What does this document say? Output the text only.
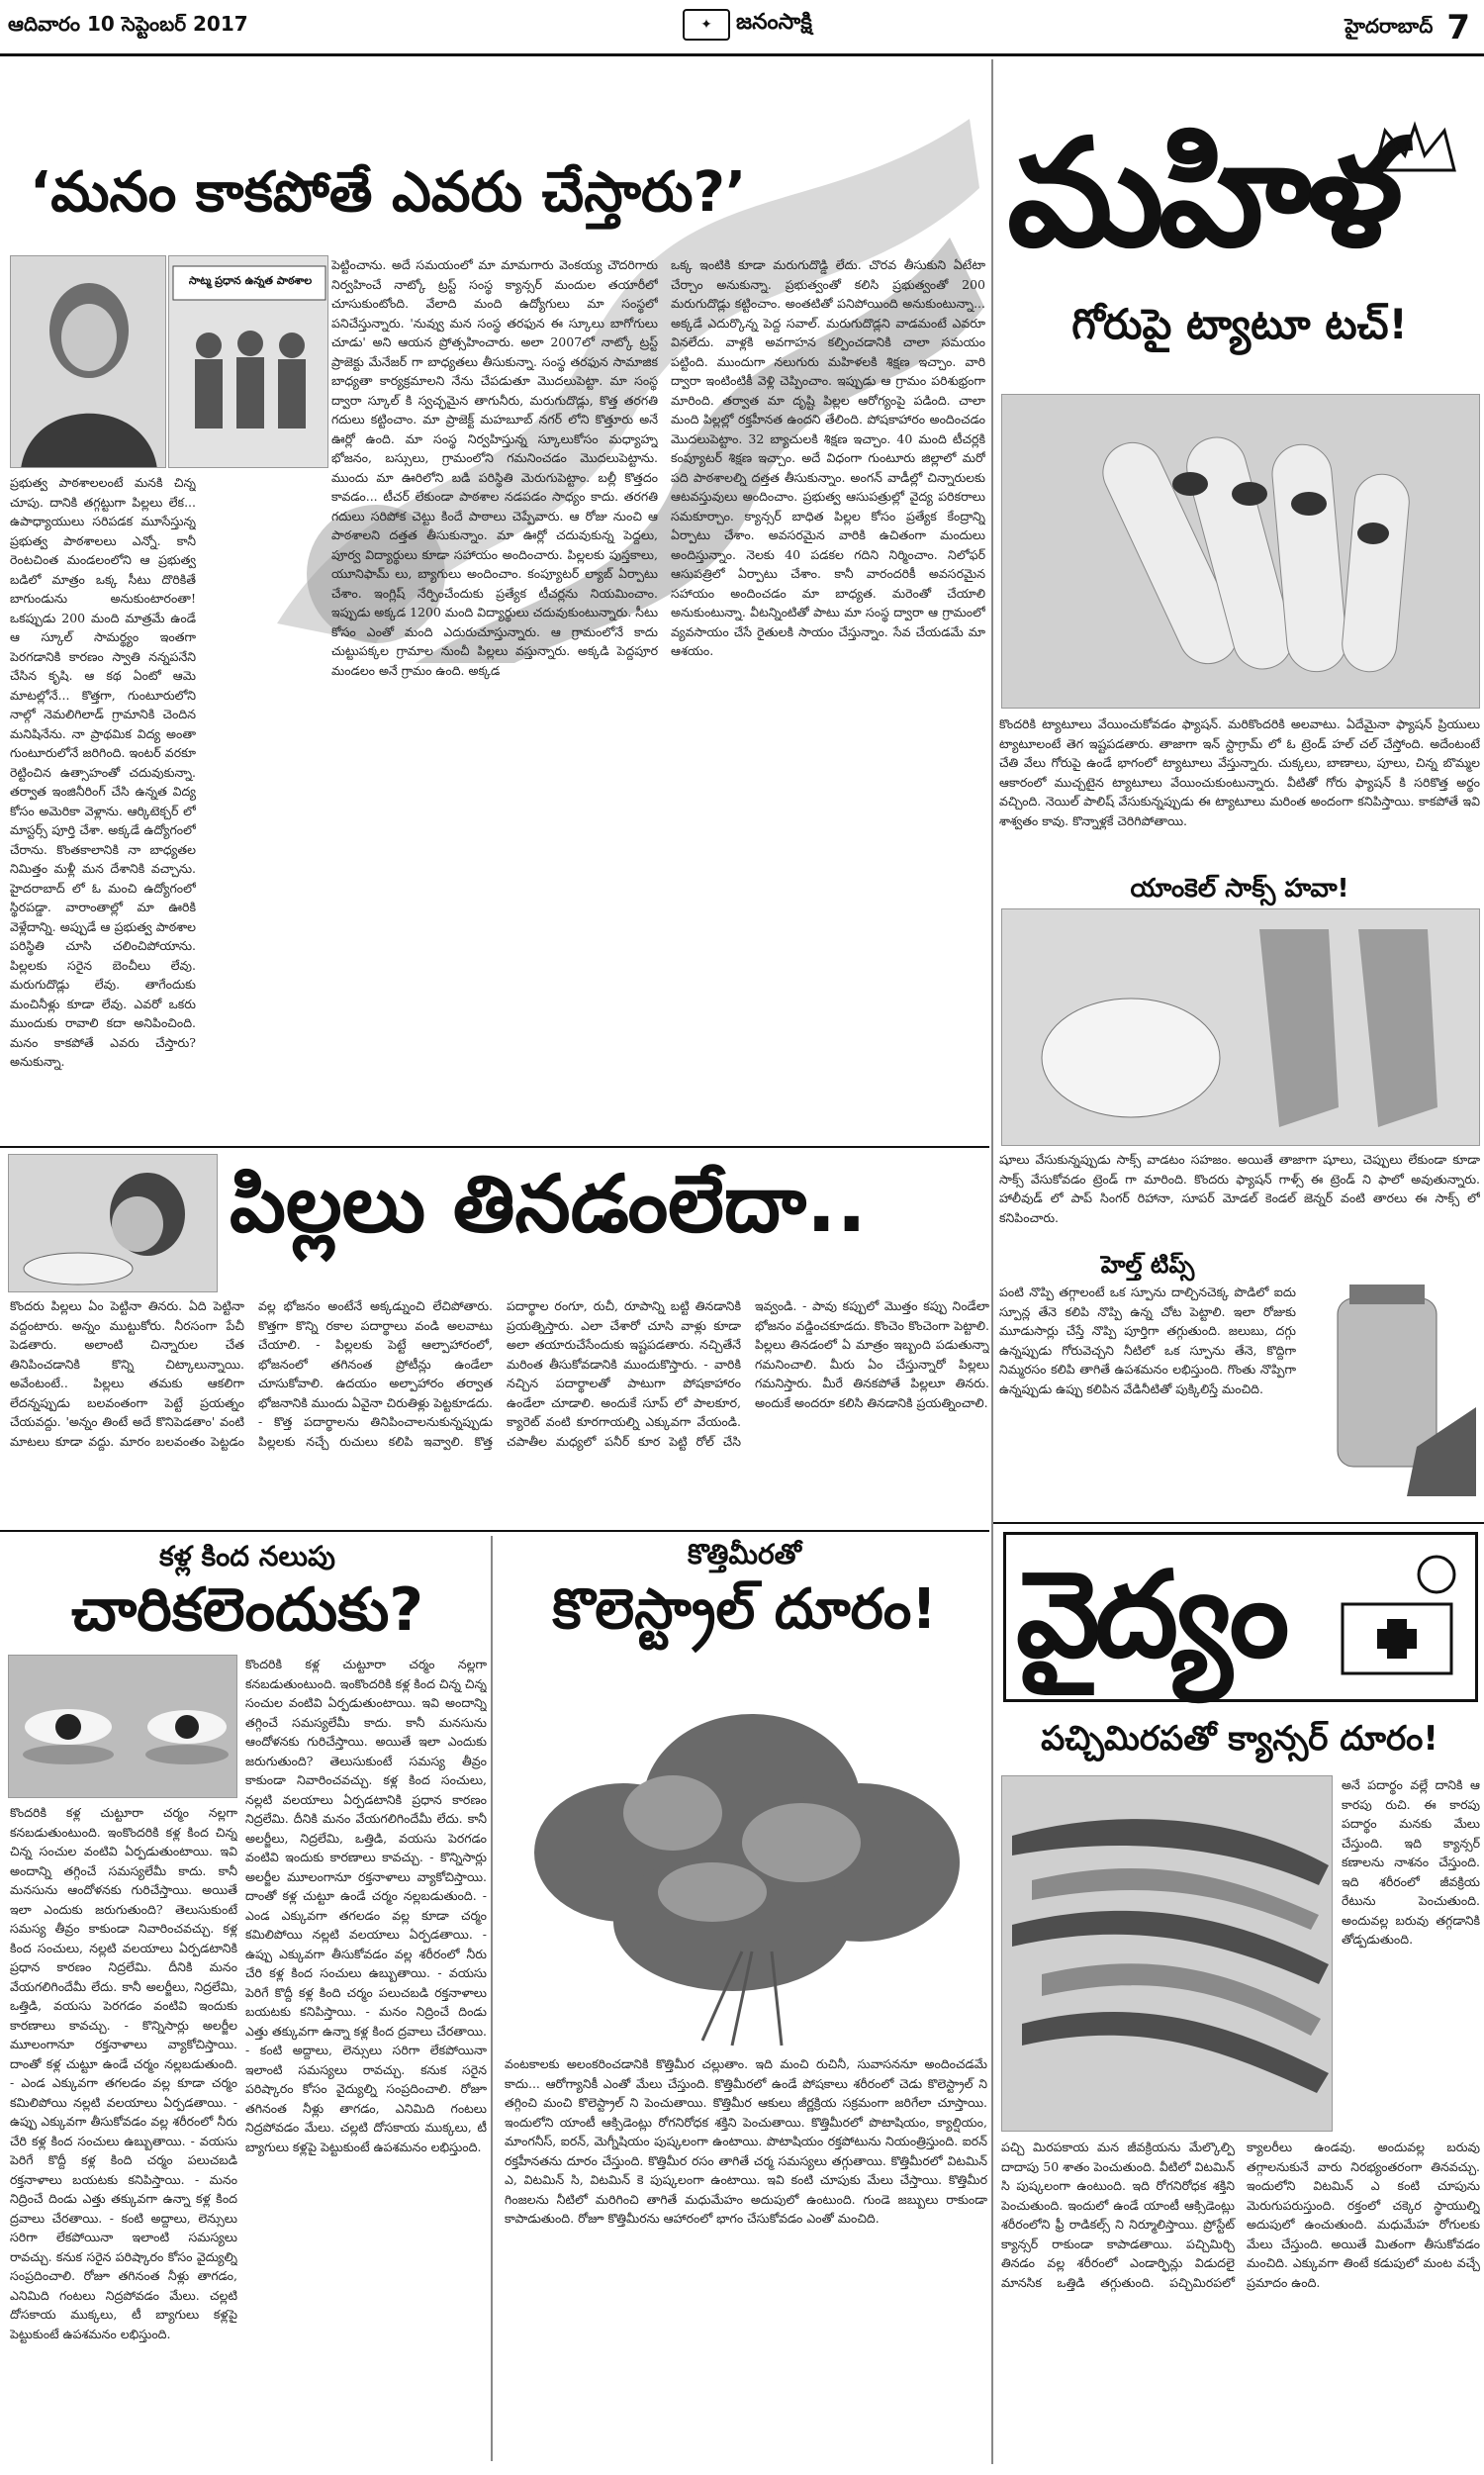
ఆదివారం 10 సెప్టెంబర్ 2017	✦	జనంసాక్షి	హైదరాబాద్ 7
‘మనం కాకపోతే ఎవరు చేస్తారు?’
సాట్మ ప్రధాన ఉన్నత పాఠశాల
ప్రభుత్వ పాఠశాలలంటే మనకి చిన్న చూపు. దానికి తగ్గట్టుగా పిల్లలు లేక... ఉపాధ్యాయులు సరిపడక మూసేస్తున్న ప్రభుత్వ పాఠశాలలు ఎన్నో. కానీ రెంటచింత మండలంలోని ఆ ప్రభుత్వ బడిలో మాత్రం ఒక్క సీటు దొరికితే బాగుండును అనుకుంటారంతా! ఒకప్పుడు 200 మంది మాత్రమే ఉండే ఆ స్కూల్ సామర్థ్యం ఇంతగా పెరగడానికి కారణం స్వాతి నన్నపనేని చేసిన కృషి. ఆ కథ ఏంటో ఆమె మాటల్లోనే... కొత్తగా, గుంటూరులోని నాల్గో నెమలిగిలాడ్ గ్రామానికి చెందిన మనిషినేను. నా ప్రాథమిక విద్య అంతా గుంటూరులోనే జరిగింది. ఇంటర్ వరకూ రెట్టించిన ఉత్సాహంతో చదువుకున్నా. తర్వాత ఇంజినీరింగ్ చేసి ఉన్నత విద్య కోసం అమెరికా వెళ్లాను. ఆర్కిటెక్చర్ లో మాస్టర్స్ పూర్తి చేశా. అక్కడే ఉద్యోగంలో చేరాను. కొంతకాలానికి నా బాధ్యతల నిమిత్తం మళ్లీ మన దేశానికి వచ్చాను. హైదరాబాద్ లో ఓ మంచి ఉద్యోగంలో స్థిరపడ్డా. వారాంతాల్లో మా ఊరికి వెళ్లేదాన్ని. అప్పుడే ఆ ప్రభుత్వ పాఠశాల పరిస్థితి చూసి చలించిపోయాను. పిల్లలకు సరైన బెంచీలు లేవు. మరుగుదొడ్లు లేవు. తాగేందుకు మంచినీళ్లు కూడా లేవు. ఎవరో ఒకరు ముందుకు రావాలి కదా అనిపించింది. మనం కాకపోతే ఎవరు చేస్తారు? అనుకున్నా.
పెట్టించాను. అదే సమయంలో మా మామగారు వెంకయ్య చౌదరిగారు నిర్వహించే నాట్కో ట్రస్ట్ సంస్థ క్యాన్సర్ మందుల తయారీలో చూసుకుంటోంది. వేలాది మంది ఉద్యోగులు మా సంస్థలో పనిచేస్తున్నారు. 'నువ్వు మన సంస్థ తరఫున ఈ స్కూలు బాగోగులు చూడు' అని ఆయన ప్రోత్సహించారు. అలా 2007లో నాట్కో ట్రస్ట్ ప్రాజెక్టు మేనేజర్ గా బాధ్యతలు తీసుకున్నా. సంస్థ తరఫున సామాజిక బాధ్యతా కార్యక్రమాలని నేను చేపడుతూ మొదలుపెట్టా. మా సంస్థ ద్వారా స్కూల్ కి స్వచ్ఛమైన తాగునీరు, మరుగుదొడ్లు, కొత్త తరగతి గదులు కట్టించాం. మా ప్రాజెక్ట్ మహబూబ్ నగర్ లోని కొత్తూరు అనే ఊర్లో ఉంది. మా సంస్థ నిర్వహిస్తున్న స్కూలుకోసం మధ్యాహ్న భోజనం, బస్సులు, గ్రామంలోని గమనించడం మొదలుపెట్టాను. ముందు మా ఊరిలోని బడి పరిస్థితి మెరుగుపెట్టాం. బల్లీ కొత్తదం కావడం... టీచర్ లేకుండా పాఠశాల నడపడం సాధ్యం కాదు. తరగతి గదులు సరిపోక చెట్టు కిందే పాఠాలు చెప్పేవారు. ఆ రోజు నుంచి ఆ పాఠశాలని దత్తత తీసుకున్నాం. మా ఊర్లో చదువుకున్న పెద్దలు, పూర్వ విద్యార్థులు కూడా సహాయం అందించారు. పిల్లలకు పుస్తకాలు, యూనిఫామ్ లు, బ్యాగులు అందించాం. కంప్యూటర్ ల్యాబ్ ఏర్పాటు చేశాం. ఇంగ్లిష్ నేర్పించేందుకు ప్రత్యేక టీచర్లను నియమించాం. ఇప్పుడు అక్కడ 1200 మంది విద్యార్థులు చదువుకుంటున్నారు. సీటు కోసం ఎంతో మంది ఎదురుచూస్తున్నారు. ఆ గ్రామంలోనే కాదు చుట్టుపక్కల గ్రామాల నుంచీ పిల్లలు వస్తున్నారు. అక్కడి పెద్దపూర మండలం అనే గ్రామం ఉంది. అక్కడ
ఒక్క ఇంటికి కూడా మరుగుదొడ్డి లేదు. చొరవ తీసుకుని ఏటేటా చేర్చాం అనుకున్నా. ప్రభుత్వంతో కలిసి ప్రభుత్వంతో 200 మరుగుదొడ్లు కట్టించాం. అంతటితో పనిపోయింది అనుకుంటున్నా... అక్కడే ఎదుర్కొన్న పెద్ద సవాల్. మరుగుదొడ్లని వాడమంటే ఎవరూ వినలేదు. వాళ్లకి అవగాహన కల్పించడానికి చాలా సమయం పట్టింది. ముందుగా నలుగురు మహిళలకి శిక్షణ ఇచ్చాం. వారి ద్వారా ఇంటింటికీ వెళ్లి చెప్పించాం. ఇప్పుడు ఆ గ్రామం పరిశుభ్రంగా మారింది. తర్వాత మా దృష్టి పిల్లల ఆరోగ్యంపై పడింది. చాలా మంది పిల్లల్లో రక్తహీనత ఉందని తేలింది. పోషకాహారం అందించడం మొదలుపెట్టాం. 32 బ్యాచులకి శిక్షణ ఇచ్చాం. 40 మంది టీచర్లకి కంప్యూటర్ శిక్షణ ఇచ్చాం. అదే విధంగా గుంటూరు జిల్లాలో మరో పది పాఠశాలల్ని దత్తత తీసుకున్నాం. అంగన్ వాడీల్లో చిన్నారులకు ఆటవస్తువులు అందించాం. ప్రభుత్వ ఆసుపత్రుల్లో వైద్య పరికరాలు సమకూర్చాం. క్యాన్సర్ బాధిత పిల్లల కోసం ప్రత్యేక కేంద్రాన్ని ఏర్పాటు చేశాం. అవసరమైన వారికి ఉచితంగా మందులు అందిస్తున్నాం. నెలకు 40 పడకల గదిని నిర్మించాం. నిలోఫర్ ఆసుపత్రిలో ఏర్పాటు చేశాం. కానీ వారందరికీ అవసరమైన సహాయం అందించడం మా బాధ్యత. మరెంతో చేయాలి అనుకుంటున్నా. వీటన్నింటితో పాటు మా సంస్థ ద్వారా ఆ గ్రామంలో వ్యవసాయం చేసే రైతులకి సాయం చేస్తున్నాం. సేవ చేయడమే మా ఆశయం.
పిల్లలు తినడంలేదా..
కొందరు పిల్లలు ఏం పెట్టినా తినరు. ఏది పెట్టినా వద్దంటారు. అన్నం ముట్టుకోరు. నీరసంగా పేచీ పెడతారు. అలాంటి చిన్నారుల చేత తినిపించడానికి కొన్ని చిట్కాలున్నాయి. అవేంటంటే.. పిల్లలు తమకు ఆకలిగా లేదన్నప్పుడు బలవంతంగా పెట్టే ప్రయత్నం చేయవద్దు. 'అన్నం తింటే అదే కొనిపెడతాం' వంటి మాటలు కూడా వద్దు. మారం బలవంతం పెట్టడం వల్ల భోజనం అంటేనే అక్కడ్నుంచి లేచిపోతారు. కొత్తగా కొన్ని రకాల పదార్థాలు వండి అలవాటు చేయాలి. - పిల్లలకు పెట్టే ఆల్పాహారంలో, భోజనంలో తగినంత ప్రోటీన్లు ఉండేలా చూసుకోవాలి. ఉదయం అల్పాహారం తర్వాత భోజనానికి ముందు ఏవైనా చిరుతిళ్లు పెట్టకూడదు. - కొత్త పదార్థాలను తినిపించాలనుకున్నప్పుడు పిల్లలకు నచ్చే రుచులు కలిపి ఇవ్వాలి. కొత్త పదార్థాల రంగూ, రుచీ, రూపాన్ని బట్టి తినడానికి ప్రయత్నిస్తారు. ఎలా చేశారో చూసి వాళ్లు కూడా అలా తయారుచేసేందుకు ఇష్టపడతారు. నచ్చితేనే మరింత తీసుకోవడానికి ముందుకొస్తారు. - వారికి నచ్చిన పదార్థాలతో పాటుగా పోషకాహారం ఉండేలా చూడాలి. అందుకే సూప్ లో పాలకూర, క్యారెట్ వంటి కూరగాయల్ని ఎక్కువగా వేయండి. చపాతీల మధ్యలో పనీర్ కూర పెట్టి రోల్ చేసి ఇవ్వండి. - పావు కప్పులో మొత్తం కప్పు నిండేలా భోజనం వడ్డించకూడదు. కొంచెం కొంచెంగా పెట్టాలి. పిల్లలు తినడంలో ఏ మాత్రం ఇబ్బంది పడుతున్నా గమనించాలి. మీరు ఏం చేస్తున్నారో పిల్లలు గమనిస్తారు. మీరే తినకపోతే పిల్లలూ తినరు. అందుకే అందరూ కలిసి తినడానికి ప్రయత్నించాలి.
కళ్ల కింద నలుపు
చారికలెందుకు?
కొందరికి కళ్ల చుట్టూరా చర్మం నల్లగా కనబడుతుంటుంది. ఇంకొందరికి కళ్ల కింద చిన్న చిన్న సంచుల వంటివి ఏర్పడుతుంటాయి. ఇవి అందాన్ని తగ్గించే సమస్యలేమీ కాదు. కానీ మనసును ఆందోళనకు గురిచేస్తాయి. అయితే ఇలా ఎందుకు జరుగుతుంది? తెలుసుకుంటే సమస్య తీవ్రం కాకుండా నివారించవచ్చు. కళ్ల కింద సంచులు, నల్లటి వలయాలు ఏర్పడటానికి ప్రధాన కారణం నిద్రలేమి. దీనికి మనం వేయగలిగిందేమీ లేదు. కానీ అలర్జీలు, నిద్రలేమి, ఒత్తిడి, వయసు పెరగడం వంటివి ఇందుకు కారణాలు కావచ్చు. - కొన్నిసార్లు అలర్జీల మూలంగానూ రక్తనాళాలు వ్యాకోచిస్తాయి. దాంతో కళ్ల చుట్టూ ఉండే చర్మం నల్లబడుతుంది. - ఎండ ఎక్కువగా తగలడం వల్ల కూడా చర్మం కమిలిపోయి నల్లటి వలయాలు ఏర్పడతాయి. - ఉప్పు ఎక్కువగా తీసుకోవడం వల్ల శరీరంలో నీరు చేరి కళ్ల కింద సంచులు ఉబ్బుతాయి. - వయసు పెరిగే కొద్దీ కళ్ల కింది చర్మం పలుచబడి రక్తనాళాలు బయటకు కనిపిస్తాయి. - మనం నిద్రించే దిండు ఎత్తు తక్కువగా ఉన్నా కళ్ల కింద ద్రవాలు చేరతాయి. - కంటి అద్దాలు, లెన్సులు సరిగా లేకపోయినా ఇలాంటి సమస్యలు రావచ్చు. కనుక సరైన పరిష్కారం కోసం వైద్యుల్ని సంప్రదించాలి. రోజూ తగినంత నీళ్లు తాగడం, ఎనిమిది గంటలు నిద్రపోవడం మేలు. చల్లటి దోసకాయ ముక్కలు, టీ బ్యాగులు కళ్లపై పెట్టుకుంటే ఉపశమనం లభిస్తుంది.
కొందరికి కళ్ల చుట్టూరా చర్మం నల్లగా కనబడుతుంటుంది. ఇంకొందరికి కళ్ల కింద చిన్న చిన్న సంచుల వంటివి ఏర్పడుతుంటాయి. ఇవి అందాన్ని తగ్గించే సమస్యలేమీ కాదు. కానీ మనసును ఆందోళనకు గురిచేస్తాయి. అయితే ఇలా ఎందుకు జరుగుతుంది? తెలుసుకుంటే సమస్య తీవ్రం కాకుండా నివారించవచ్చు. కళ్ల కింద సంచులు, నల్లటి వలయాలు ఏర్పడటానికి ప్రధాన కారణం నిద్రలేమి. దీనికి మనం వేయగలిగిందేమీ లేదు. కానీ అలర్జీలు, నిద్రలేమి, ఒత్తిడి, వయసు పెరగడం వంటివి ఇందుకు కారణాలు కావచ్చు. - కొన్నిసార్లు అలర్జీల మూలంగానూ రక్తనాళాలు వ్యాకోచిస్తాయి. దాంతో కళ్ల చుట్టూ ఉండే చర్మం నల్లబడుతుంది. - ఎండ ఎక్కువగా తగలడం వల్ల కూడా చర్మం కమిలిపోయి నల్లటి వలయాలు ఏర్పడతాయి. - ఉప్పు ఎక్కువగా తీసుకోవడం వల్ల శరీరంలో నీరు చేరి కళ్ల కింద సంచులు ఉబ్బుతాయి. - వయసు పెరిగే కొద్దీ కళ్ల కింది చర్మం పలుచబడి రక్తనాళాలు బయటకు కనిపిస్తాయి. - మనం నిద్రించే దిండు ఎత్తు తక్కువగా ఉన్నా కళ్ల కింద ద్రవాలు చేరతాయి. - కంటి అద్దాలు, లెన్సులు సరిగా లేకపోయినా ఇలాంటి సమస్యలు రావచ్చు. కనుక సరైన పరిష్కారం కోసం వైద్యుల్ని సంప్రదించాలి. రోజూ తగినంత నీళ్లు తాగడం, ఎనిమిది గంటలు నిద్రపోవడం మేలు. చల్లటి దోసకాయ ముక్కలు, టీ బ్యాగులు కళ్లపై పెట్టుకుంటే ఉపశమనం లభిస్తుంది.
కొత్తిమీరతో
కొలెస్ట్రాల్ దూరం!
వంటకాలకు అలంకరించడానికి కొత్తిమీర చల్లుతాం. ఇది మంచి రుచినీ, సువాసననూ అందించడమే కాదు... ఆరోగ్యానికీ ఎంతో మేలు చేస్తుంది. కొత్తిమీరలో ఉండే పోషకాలు శరీరంలో చెడు కొలెస్ట్రాల్ ని తగ్గించి మంచి కొలెస్ట్రాల్ ని పెంచుతాయి. కొత్తిమీర ఆకులు జీర్ణక్రియ సక్రమంగా జరిగేలా చూస్తాయి. ఇందులోని యాంటీ ఆక్సిడెంట్లు రోగనిరోధక శక్తిని పెంచుతాయి. కొత్తిమీరలో పొటాషియం, క్యాల్షియం, మాంగనీస్, ఐరన్, మెగ్నీషియం పుష్కలంగా ఉంటాయి. పొటాషియం రక్తపోటును నియంత్రిస్తుంది. ఐరన్ రక్తహీనతను దూరం చేస్తుంది. కొత్తిమీర రసం తాగితే చర్మ సమస్యలు తగ్గుతాయి. కొత్తిమీరలో విటమిన్ ఎ, విటమిన్ సి, విటమిన్ కె పుష్కలంగా ఉంటాయి. ఇవి కంటి చూపుకు మేలు చేస్తాయి. కొత్తిమీర గింజలను నీటిలో మరిగించి తాగితే మధుమేహం అదుపులో ఉంటుంది. గుండె జబ్బులు రాకుండా కాపాడుతుంది. రోజూ కొత్తిమీరను ఆహారంలో భాగం చేసుకోవడం ఎంతో మంచిది.
మహిళ
గోరుపై ట్యాటూ టచ్!
కొందరికి ట్యాటూలు వేయించుకోవడం ఫ్యాషన్. మరికొందరికి అలవాటు. ఏదేమైనా ఫ్యాషన్ ప్రియులు ట్యాటూలంటే తెగ ఇష్టపడతారు. తాజాగా ఇన్ స్టాగ్రామ్ లో ఓ ట్రెండ్ హల్ చల్ చేస్తోంది. అదేంటంటే చేతి వేలు గోరుపై ఉండే భాగంలో ట్యాటూలు వేస్తున్నారు. చుక్కలు, బాణాలు, పూలు, చిన్న బొమ్మల ఆకారంలో ముచ్చటైన ట్యాటూలు వేయించుకుంటున్నారు. వీటితో గోరు ఫ్యాషన్ కి సరికొత్త అర్థం వచ్చింది. నెయిల్ పాలిష్ వేసుకున్నప్పుడు ఈ ట్యాటూలు మరింత అందంగా కనిపిస్తాయి. కాకపోతే ఇవి శాశ్వతం కావు. కొన్నాళ్లకే చెరిగిపోతాయి.
యాంకెల్ సాక్స్ హవా!
షూలు వేసుకున్నప్పుడు సాక్స్ వాడటం సహజం. అయితే తాజాగా షూలు, చెప్పులు లేకుండా కూడా సాక్స్ వేసుకోవడం ట్రెండ్ గా మారింది. కొందరు ఫ్యాషన్ గాళ్స్ ఈ ట్రెండ్ ని ఫాలో అవుతున్నారు. హాలీవుడ్ లో పాప్ సింగర్ రిహానా, సూపర్ మోడల్ కెండల్ జెన్నర్ వంటి తారలు ఈ సాక్స్ లో కనిపించారు.
హెల్త్ టిప్స్
పంటి నొప్పి తగ్గాలంటే ఒక స్పూను దాల్చినచెక్క పొడిలో ఐదు స్పూన్ల తేనె కలిపి నొప్పి ఉన్న చోట పెట్టాలి. ఇలా రోజుకు మూడుసార్లు చేస్తే నొప్పి పూర్తిగా తగ్గుతుంది. జలుబు, దగ్గు ఉన్నప్పుడు గోరువెచ్చని నీటిలో ఒక స్పూను తేనె, కొద్దిగా నిమ్మరసం కలిపి తాగితే ఉపశమనం లభిస్తుంది. గొంతు నొప్పిగా ఉన్నప్పుడు ఉప్పు కలిపిన వేడినీటితో పుక్కిలిస్తే మంచిది.
వైద్యం
పచ్చిమిరపతో క్యాన్సర్ దూరం!
అనే పదార్థం వల్లే దానికి ఆ కారపు రుచి. ఈ కారపు పదార్థం మనకు మేలు చేస్తుంది. ఇది క్యాన్సర్ కణాలను నాశనం చేస్తుంది. ఇది శరీరంలో జీవక్రియ రేటును పెంచుతుంది. అందువల్ల బరువు తగ్గడానికి తోడ్పడుతుంది.
పచ్చి మిరపకాయ మన జీవక్రియను మేల్కొల్పి దాదాపు 50 శాతం పెంచుతుంది. వీటిలో విటమిన్ సి పుష్కలంగా ఉంటుంది. ఇది రోగనిరోధక శక్తిని పెంచుతుంది. ఇందులో ఉండే యాంటీ ఆక్సిడెంట్లు శరీరంలోని ఫ్రీ రాడికల్స్ ని నిర్మూలిస్తాయి. ప్రోస్టేట్ క్యాన్సర్ రాకుండా కాపాడతాయి. పచ్చిమిర్చి తినడం వల్ల శరీరంలో ఎండార్ఫిన్లు విడుదలై మానసిక ఒత్తిడి తగ్గుతుంది. పచ్చిమిరపలో క్యాలరీలు ఉండవు. అందువల్ల బరువు తగ్గాలనుకునే వారు నిరభ్యంతరంగా తినవచ్చు. ఇందులోని విటమిన్ ఎ కంటి చూపును మెరుగుపరుస్తుంది. రక్తంలో చక్కెర స్థాయుల్ని అదుపులో ఉంచుతుంది. మధుమేహ రోగులకు మేలు చేస్తుంది. అయితే మితంగా తీసుకోవడం మంచిది. ఎక్కువగా తింటే కడుపులో మంట వచ్చే ప్రమాదం ఉంది.
